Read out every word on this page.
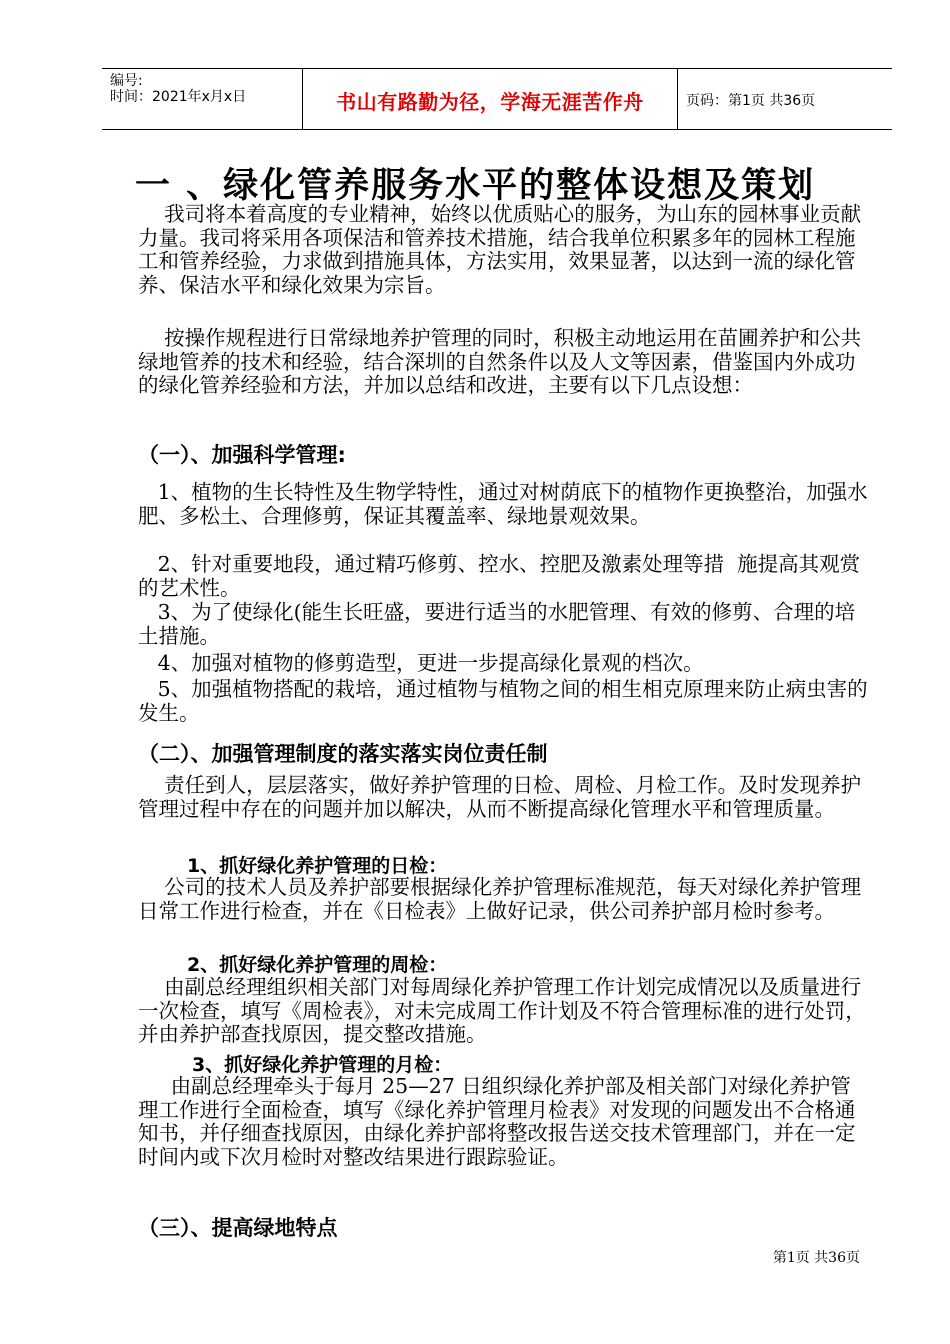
编号:
时间：2021年x月x日	书山有路勤为径，学海无涯苦作舟	页码：第1页 共36页
一 、绿化管养服务水平的整体设想及策划

我司将本着高度的专业精神，始终以优质贴心的服务，为山东的园林事业贡献力量。我司将采用各项保洁和管养技术措施，结合我单位积累多年的园林工程施工和管养经验，力求做到措施具体，方法实用，效果显著，以达到一流的绿化管养、保洁水平和绿化效果为宗旨。

按操作规程进行日常绿地养护管理的同时，积极主动地运用在苗圃养护和公共绿地管养的技术和经验，结合深圳的自然条件以及人文等因素，借鉴国内外成功的绿化管养经验和方法，并加以总结和改进，主要有以下几点设想：

（一）、加强科学管理:

1、植物的生长特性及生物学特性，通过对树荫底下的植物作更换整治，加强水肥、多松土、合理修剪，保证其覆盖率、绿地景观效果。

2、针对重要地段，通过精巧修剪、控水、控肥及激素处理等措  施提高其观赏的艺术性。

3、为了使绿化(能生长旺盛，要进行适当的水肥管理、有效的修剪、合理的培土措施。

4、加强对植物的修剪造型，更进一步提高绿化景观的档次。

5、加强植物搭配的栽培，通过植物与植物之间的相生相克原理来防止病虫害的发生。

（二）、加强管理制度的落实落实岗位责任制

责任到人，层层落实，做好养护管理的日检、周检、月检工作。及时发现养护管理过程中存在的问题并加以解决，从而不断提高绿化管理水平和管理质量。

1、抓好绿化养护管理的日检：

公司的技术人员及养护部要根据绿化养护管理标准规范，每天对绿化养护管理日常工作进行检查，并在《日检表》上做好记录，供公司养护部月检时参考。

2、抓好绿化养护管理的周检：

由副总经理组织相关部门对每周绿化养护管理工作计划完成情况以及质量进行一次检查，填写《周检表》，对未完成周工作计划及不符合管理标准的进行处罚，并由养护部查找原因，提交整改措施。

3、抓好绿化养护管理的月检：

由副总经理牵头于每月 25—27 日组织绿化养护部及相关部门对绿化养护管理工作进行全面检查，填写《绿化养护管理月检表》对发现的问题发出不合格通知书，并仔细查找原因，由绿化养护部将整改报告送交技术管理部门，并在一定时间内或下次月检时对整改结果进行跟踪验证。

（三）、提高绿地特点
第1页 共36页
